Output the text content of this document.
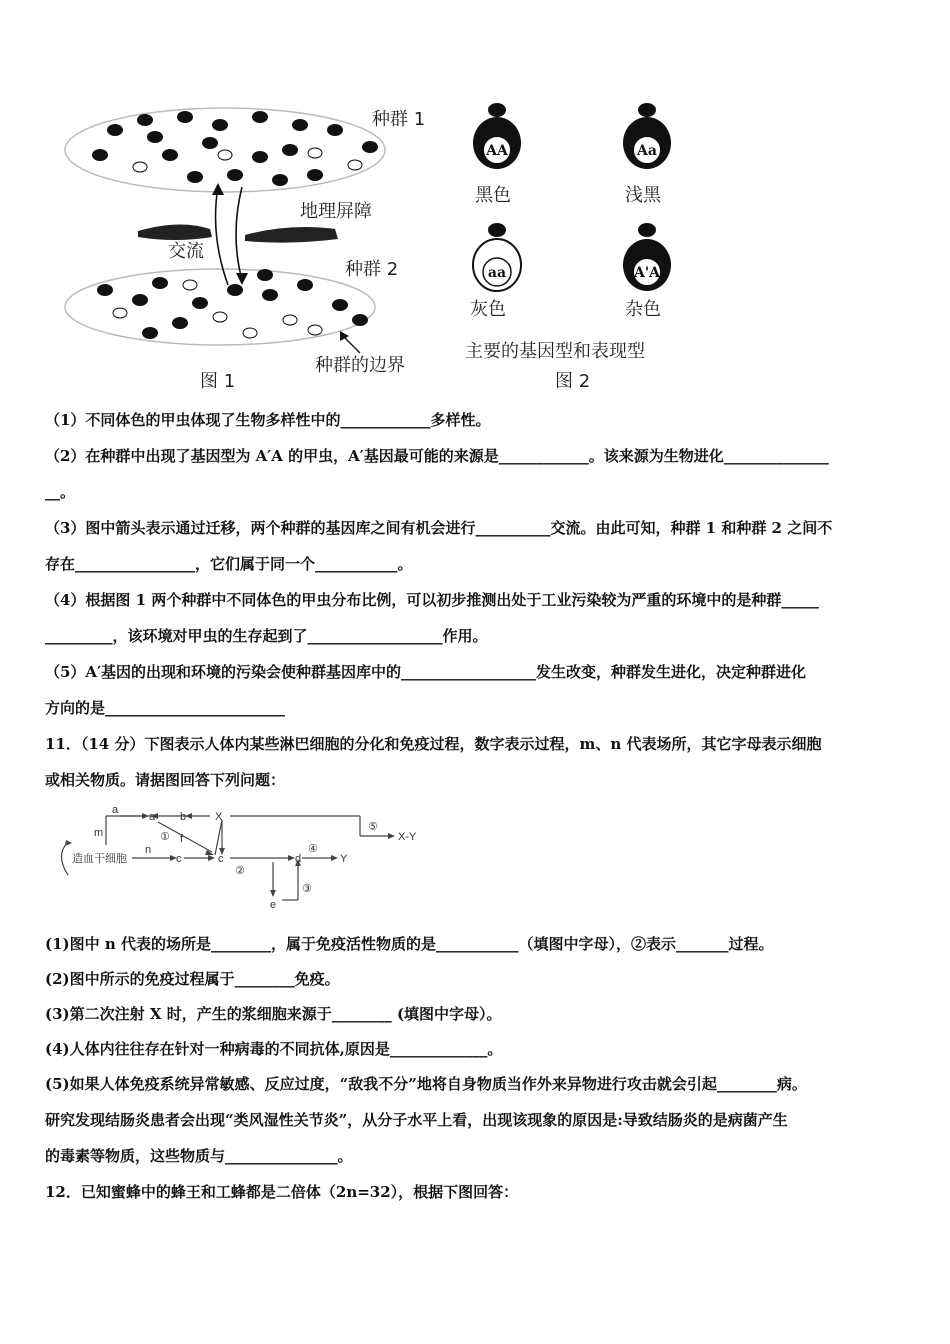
种群 1
地理屏障
交流
种群 2
种群的边界
图 1
AA
黑色
Aa
浅黑
aa
灰色
A'A
杂色
主要的基因型和表现型
图 2
（1）不同体色的甲虫体现了生物多样性中的____________多样性。
（2）在种群中出现了基因型为 A′A 的甲虫，A′基因最可能的来源是____________。该来源为生物进化______________
__。
（3）图中箭头表示通过迁移，两个种群的基因库之间有机会进行__________交流。由此可知，种群 1 和种群 2 之间不
存在________________，它们属于同一个___________。
（4）根据图 1 两个种群中不同体色的甲虫分布比例，可以初步推测出处于工业污染较为严重的环境中的是种群_____
_________，该环境对甲虫的生存起到了__________________作用。
（5）A′基因的出现和环境的污染会使种群基因库中的__________________发生改变，种群发生进化，决定种群进化
方向的是________________________
11．（14 分）下图表示人体内某些淋巴细胞的分化和免疫过程，数字表示过程，m、n 代表场所，其它字母表示细胞
或相关物质。请据图回答下列问题：
造血干细胞
m
n
a
a b	X
f
c	c	d	Y
e
X-Y
①
②
③
④
⑤
(1)图中 n 代表的场所是________，属于免疫活性物质的是___________（填图中字母），②表示_______过程。
(2)图中所示的免疫过程属于________免疫。
(3)第二次注射 X 时，产生的浆细胞来源于________ (填图中字母）。
(4)人体内往往存在针对一种病毒的不同抗体,原因是_____________。
(5)如果人体免疫系统异常敏感、反应过度，“敌我不分”地将自身物质当作外来异物进行攻击就会引起________病。
研究发现结肠炎患者会出现“类风湿性关节炎”，从分子水平上看，出现该现象的原因是:导致结肠炎的是病菌产生
的毒素等物质，这些物质与_______________。
12．已知蜜蜂中的蜂王和工蜂都是二倍体（2n=32），根据下图回答：
